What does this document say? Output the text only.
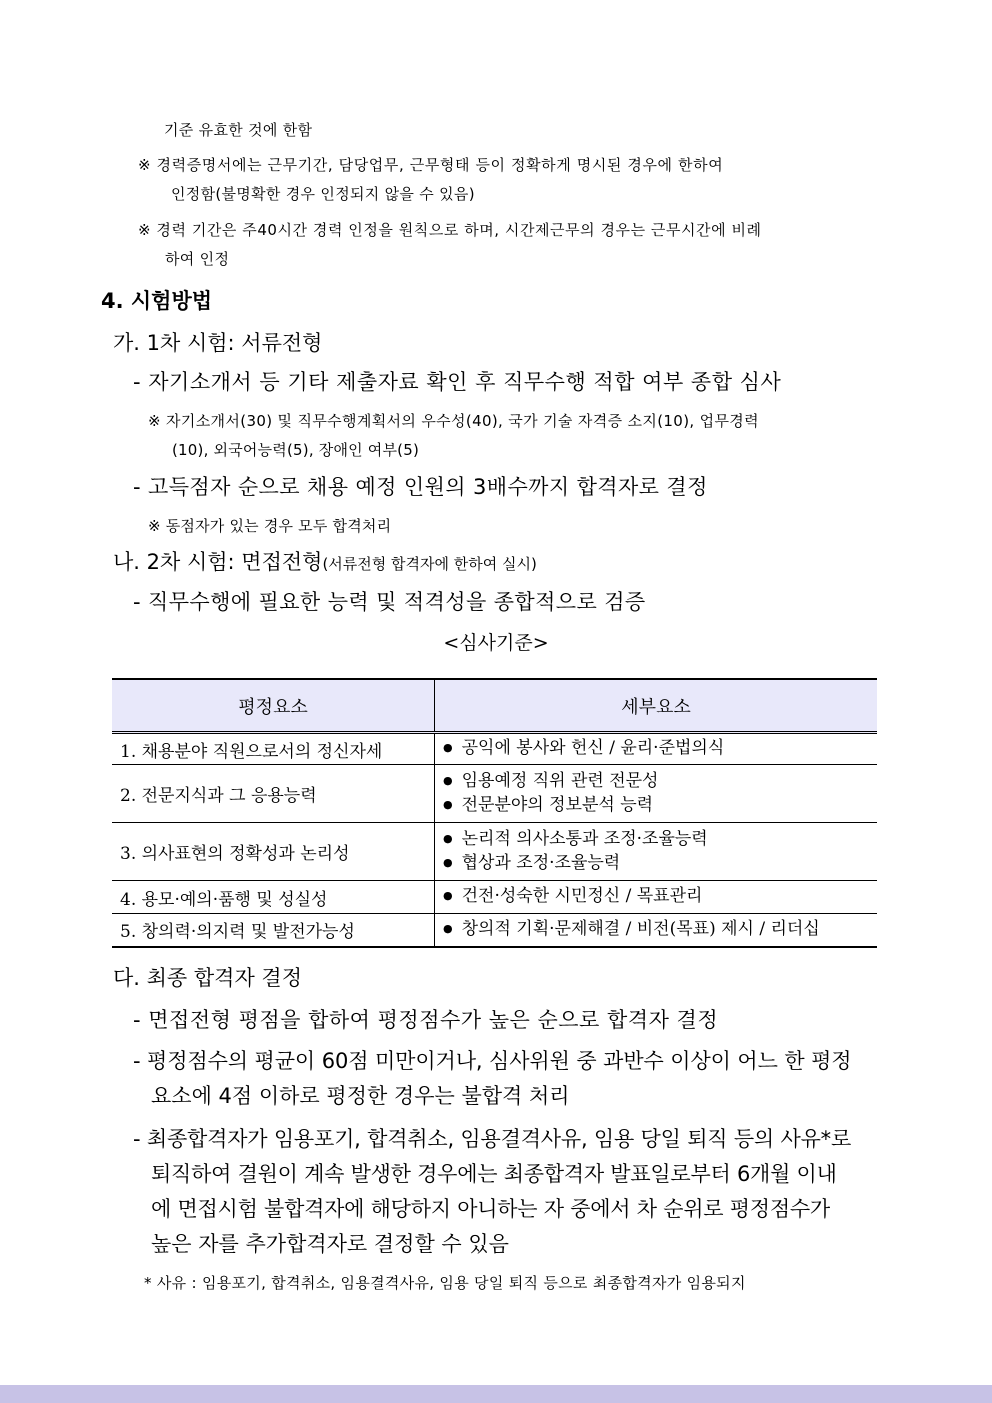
기준 유효한 것에 한함
※ 경력증명서에는 근무기간, 담당업무, 근무형태 등이 정확하게 명시된 경우에 한하여
인정함(불명확한 경우 인정되지 않을 수 있음)
※ 경력 기간은 주40시간 경력 인정을 원칙으로 하며, 시간제근무의 경우는 근무시간에 비례
하여 인정
4. 시험방법
가. 1차 시험: 서류전형
- 자기소개서 등 기타 제출자료 확인 후 직무수행 적합 여부 종합 심사
※ 자기소개서(30) 및 직무수행계획서의 우수성(40), 국가 기술 자격증 소지(10), 업무경력
(10), 외국어능력(5), 장애인 여부(5)
- 고득점자 순으로 채용 예정 인원의 3배수까지 합격자로 결정
※ 동점자가 있는 경우 모두 합격처리
나. 2차 시험: 면접전형(서류전형 합격자에 한하여 실시)
- 직무수행에 필요한 능력 및 적격성을 종합적으로 검증
<심사기준>
평정요소	세부요소
1. 채용분야 직원으로서의 정신자세	● 공익에 봉사와 헌신 / 윤리·준법의식

2. 전문지식과 그 응용능력	● 임용예정 직위 관련 전문성
● 전문분야의 정보분석 능력

3. 의사표현의 정확성과 논리성	● 논리적 의사소통과 조정·조율능력
● 협상과 조정·조율능력

4. 용모·예의·품행 및 성실성	● 건전·성숙한 시민정신 / 목표관리

5. 창의력·의지력 및 발전가능성	● 창의적 기획·문제해결 / 비전(목표) 제시 / 리더십
다. 최종 합격자 결정
- 면접전형 평점을 합하여 평정점수가 높은 순으로 합격자 결정
- 평정점수의 평균이 60점 미만이거나, 심사위원 중 과반수 이상이 어느 한 평정
요소에 4점 이하로 평정한 경우는 불합격 처리
- 최종합격자가 임용포기, 합격취소, 임용결격사유, 임용 당일 퇴직 등의 사유*로
퇴직하여 결원이 계속 발생한 경우에는 최종합격자 발표일로부터 6개월 이내
에 면접시험 불합격자에 해당하지 아니하는 자 중에서 차 순위로 평정점수가
높은 자를 추가합격자로 결정할 수 있음
* 사유 : 임용포기, 합격취소, 임용결격사유, 임용 당일 퇴직 등으로 최종합격자가 임용되지
